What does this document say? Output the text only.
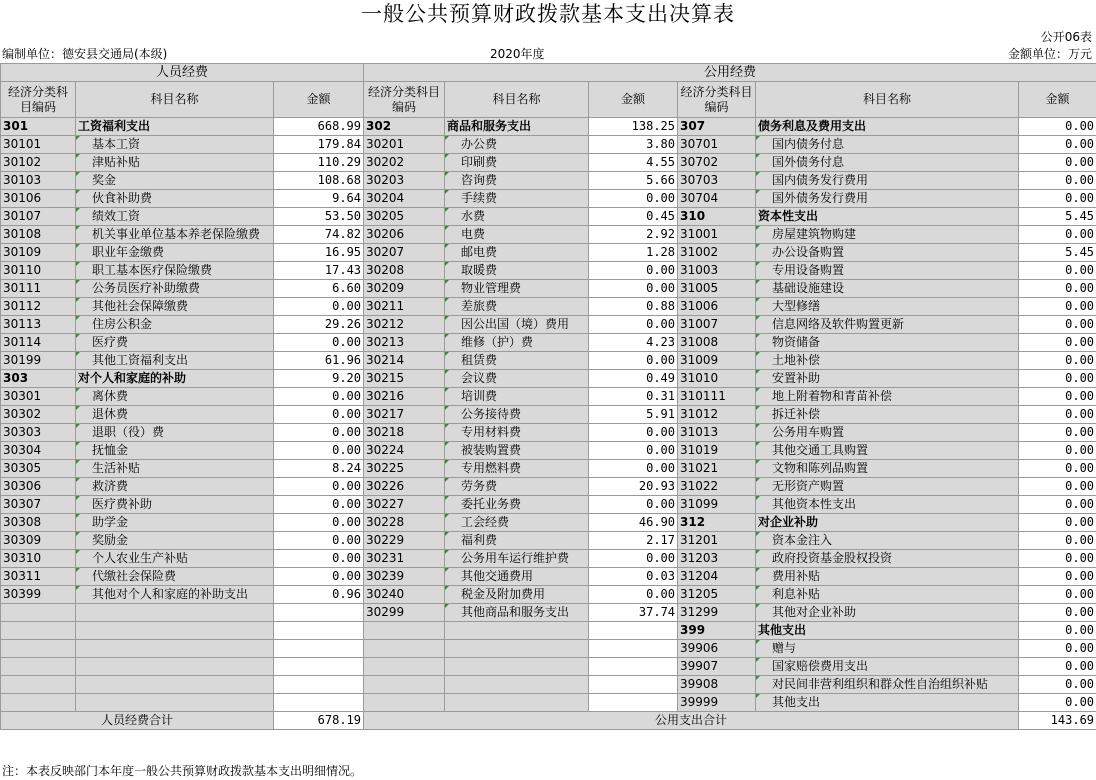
一般公共预算财政拨款基本支出决算表
公开06表
编制单位：德安县交通局(本级)	2020年度	金额单位：万元
人员经费			公用经费					
经济分类科目编码	科目名称	金额	经济分类科目编码	科目名称	金额	经济分类科目编码	科目名称	金额
301	工资福利支出	668.99	302	商品和服务支出	138.25	307	债务利息及费用支出	0.00
30101	基本工资	179.84	30201	办公费	3.80	30701	国内债务付息	0.00
30102	津贴补贴	110.29	30202	印刷费	4.55	30702	国外债务付息	0.00
30103	奖金	108.68	30203	咨询费	5.66	30703	国内债务发行费用	0.00
30106	伙食补助费	9.64	30204	手续费	0.00	30704	国外债务发行费用	0.00
30107	绩效工资	53.50	30205	水费	0.45	310	资本性支出	5.45
30108	机关事业单位基本养老保险缴费	74.82	30206	电费	2.92	31001	房屋建筑物购建	0.00
30109	职业年金缴费	16.95	30207	邮电费	1.28	31002	办公设备购置	5.45
30110	职工基本医疗保险缴费	17.43	30208	取暖费	0.00	31003	专用设备购置	0.00
30111	公务员医疗补助缴费	6.60	30209	物业管理费	0.00	31005	基础设施建设	0.00
30112	其他社会保障缴费	0.00	30211	差旅费	0.88	31006	大型修缮	0.00
30113	住房公积金	29.26	30212	因公出国（境）费用	0.00	31007	信息网络及软件购置更新	0.00
30114	医疗费	0.00	30213	维修（护）费	4.23	31008	物资储备	0.00
30199	其他工资福利支出	61.96	30214	租赁费	0.00	31009	土地补偿	0.00
303	对个人和家庭的补助	9.20	30215	会议费	0.49	31010	安置补助	0.00
30301	离休费	0.00	30216	培训费	0.31	310111	地上附着物和青苗补偿	0.00
30302	退休费	0.00	30217	公务接待费	5.91	31012	拆迁补偿	0.00
30303	退职（役）费	0.00	30218	专用材料费	0.00	31013	公务用车购置	0.00
30304	抚恤金	0.00	30224	被装购置费	0.00	31019	其他交通工具购置	0.00
30305	生活补贴	8.24	30225	专用燃料费	0.00	31021	文物和陈列品购置	0.00
30306	救济费	0.00	30226	劳务费	20.93	31022	无形资产购置	0.00
30307	医疗费补助	0.00	30227	委托业务费	0.00	31099	其他资本性支出	0.00
30308	助学金	0.00	30228	工会经费	46.90	312	对企业补助	0.00
30309	奖励金	0.00	30229	福利费	2.17	31201	资本金注入	0.00
30310	个人农业生产补贴	0.00	30231	公务用车运行维护费	0.00	31203	政府投资基金股权投资	0.00
30311	代缴社会保险费	0.00	30239	其他交通费用	0.03	31204	费用补贴	0.00
30399	其他对个人和家庭的补助支出	0.96	30240	税金及附加费用	0.00	31205	利息补贴	0.00
			30299	其他商品和服务支出	37.74	31299	其他对企业补助	0.00
						399	其他支出	0.00
						39906	赠与	0.00
						39907	国家赔偿费用支出	0.00
						39908	对民间非营利组织和群众性自治组织补贴	0.00
						39999	其他支出	0.00
人员经费合计		678.19	公用支出合计					143.69
注：本表反映部门本年度一般公共预算财政拨款基本支出明细情况。
